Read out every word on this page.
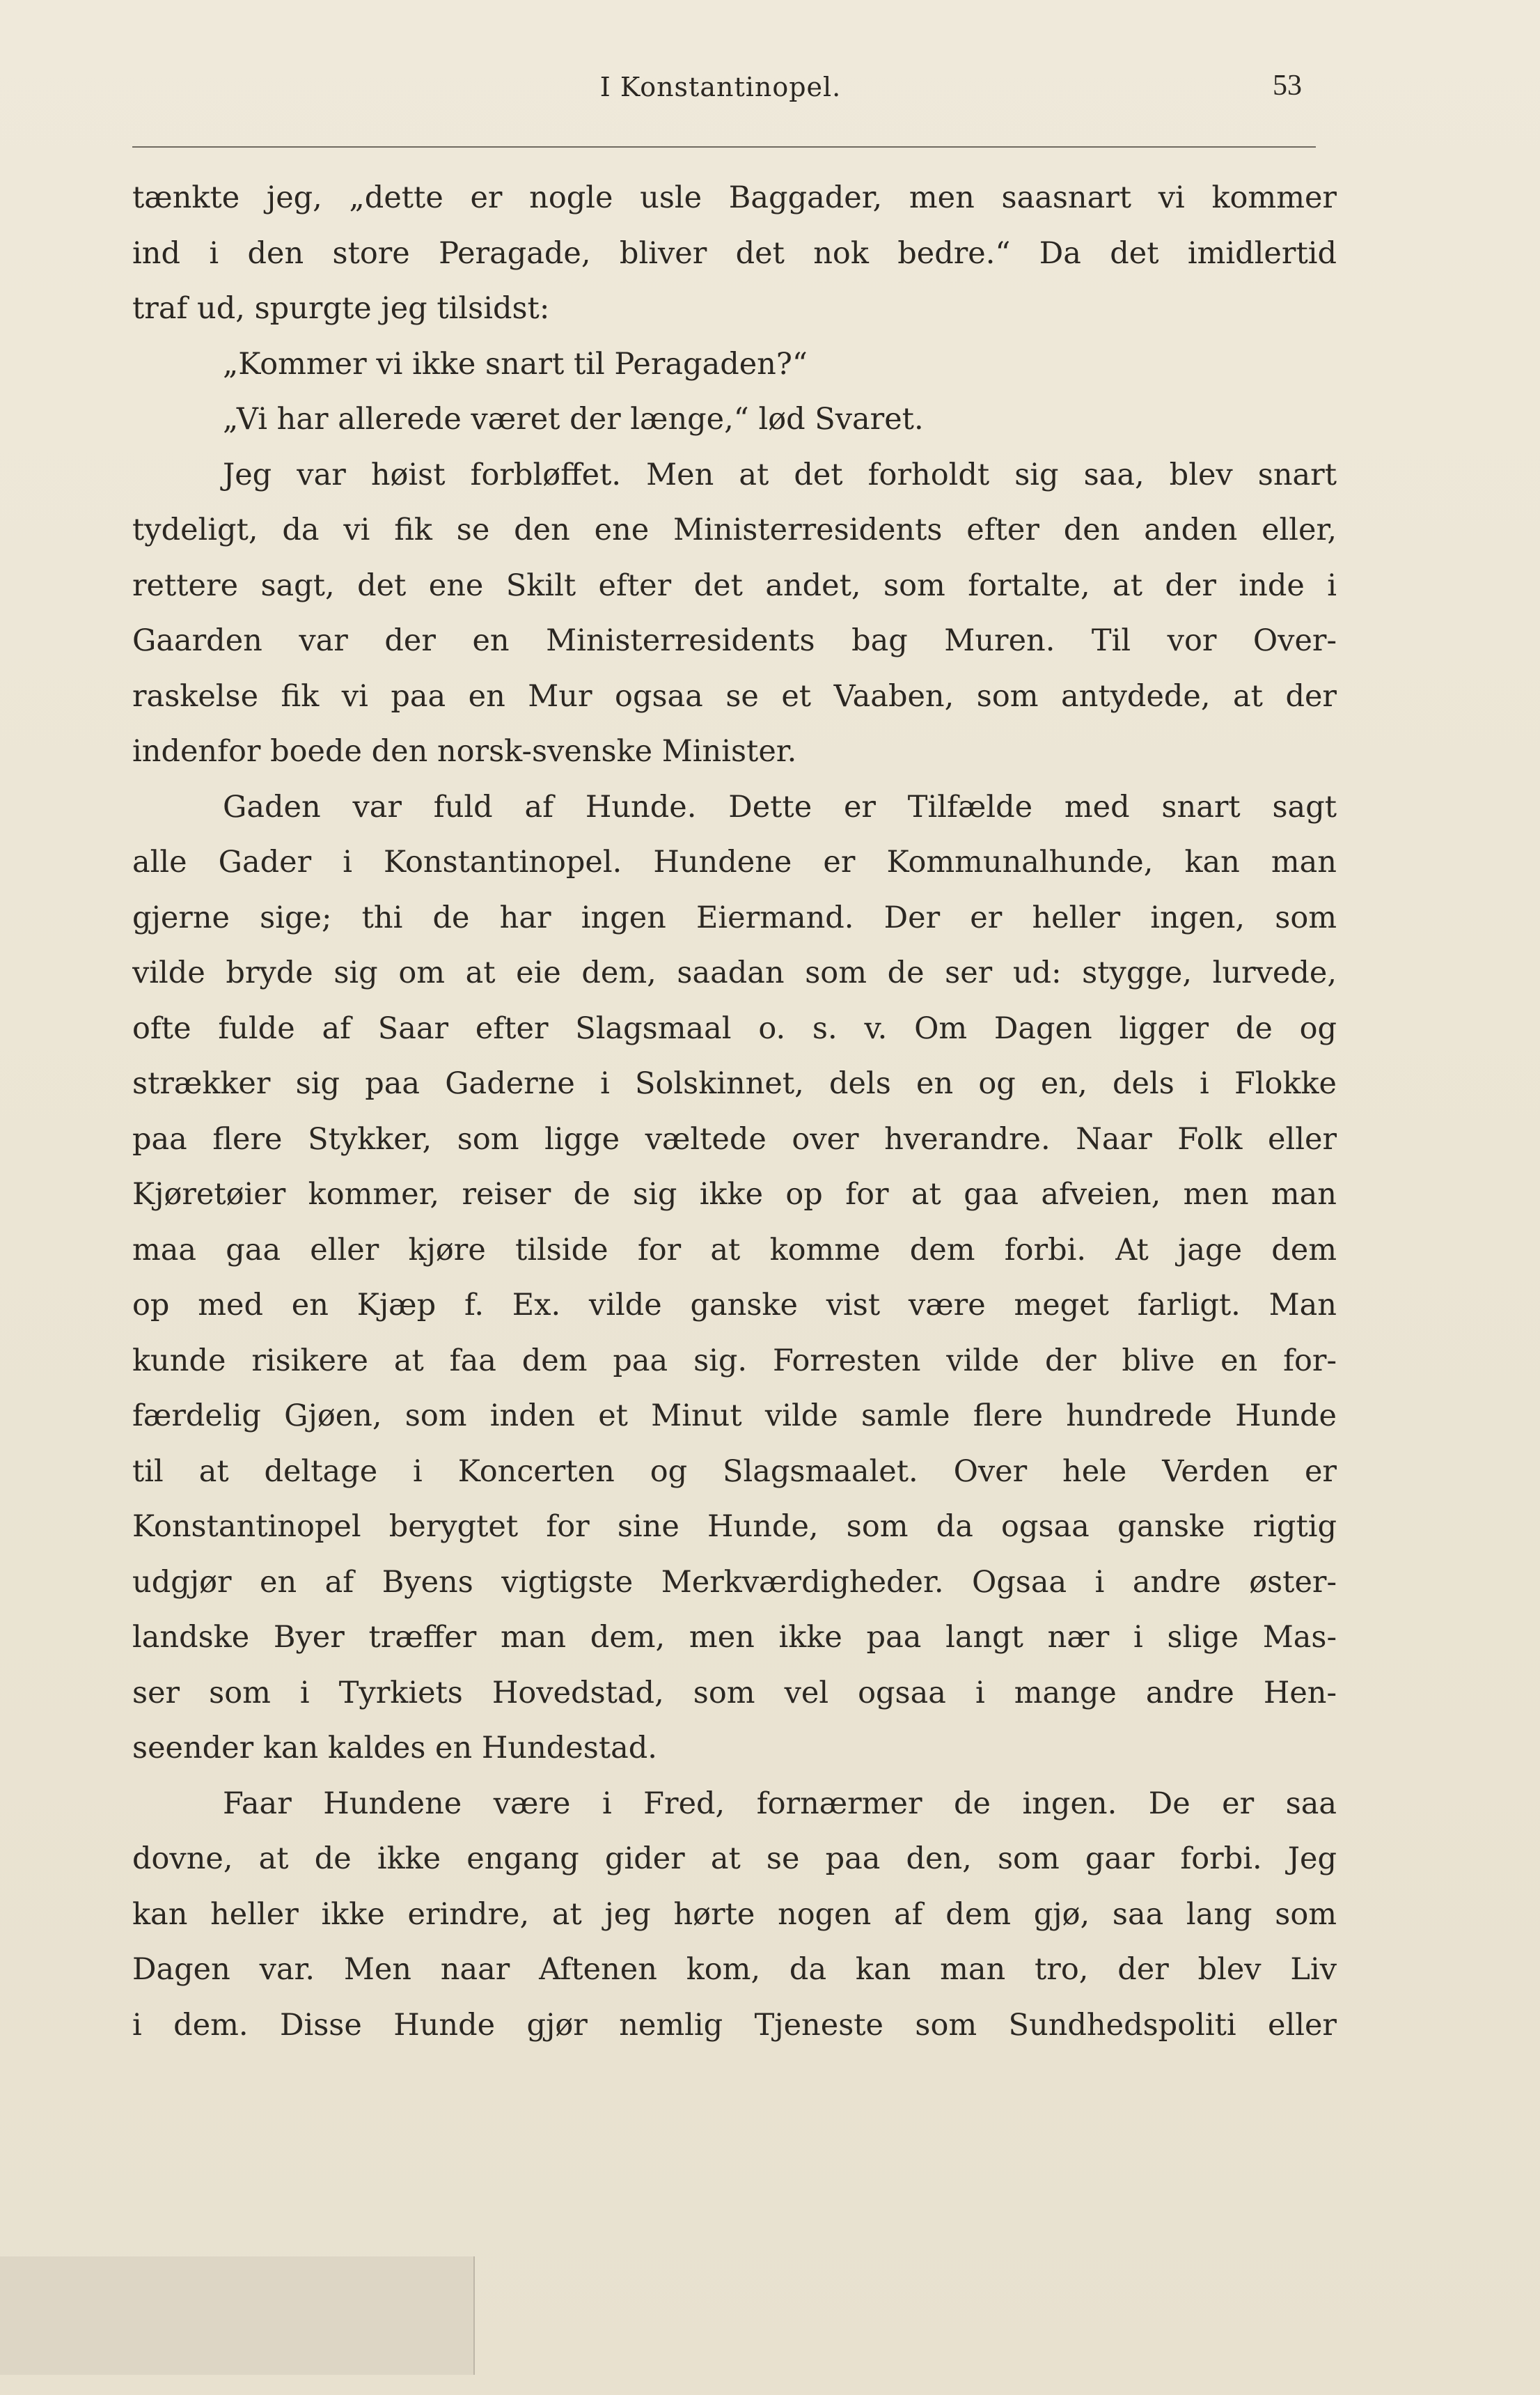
I Konstantinopel.	53
tænkte jeg, „dette er nogle usle Baggader, men saasnart vi kommer
ind i den store Peragade, bliver det nok bedre.“ Da det imidlertid
traf ud, spurgte jeg tilsidst:
„Kommer vi ikke snart til Peragaden?“
„Vi har allerede været der længe,“ lød Svaret.
Jeg var høist forbløffet. Men at det forholdt sig saa, blev snart
tydeligt, da vi fik se den ene Ministerresidents efter den anden eller,
rettere sagt, det ene Skilt efter det andet, som fortalte, at der inde i
Gaarden var der en Ministerresidents bag Muren. Til vor Over-
raskelse fik vi paa en Mur ogsaa se et Vaaben, som antydede, at der
indenfor boede den norsk-svenske Minister.
Gaden var fuld af Hunde. Dette er Tilfælde med snart sagt
alle Gader i Konstantinopel. Hundene er Kommunalhunde, kan man
gjerne sige; thi de har ingen Eiermand. Der er heller ingen, som
vilde bryde sig om at eie dem, saadan som de ser ud: stygge, lurvede,
ofte fulde af Saar efter Slagsmaal o. s. v. Om Dagen ligger de og
strækker sig paa Gaderne i Solskinnet, dels en og en, dels i Flokke
paa flere Stykker, som ligge væltede over hverandre. Naar Folk eller
Kjøretøier kommer, reiser de sig ikke op for at gaa afveien, men man
maa gaa eller kjøre tilside for at komme dem forbi. At jage dem
op med en Kjæp f. Ex. vilde ganske vist være meget farligt. Man
kunde risikere at faa dem paa sig. Forresten vilde der blive en for-
færdelig Gjøen, som inden et Minut vilde samle flere hundrede Hunde
til at deltage i Koncerten og Slagsmaalet. Over hele Verden er
Konstantinopel berygtet for sine Hunde, som da ogsaa ganske rigtig
udgjør en af Byens vigtigste Merkværdigheder. Ogsaa i andre øster-
landske Byer træffer man dem, men ikke paa langt nær i slige Mas-
ser som i Tyrkiets Hovedstad, som vel ogsaa i mange andre Hen-
seender kan kaldes en Hundestad.
Faar Hundene være i Fred, fornærmer de ingen. De er saa
dovne, at de ikke engang gider at se paa den, som gaar forbi. Jeg
kan heller ikke erindre, at jeg hørte nogen af dem gjø, saa lang som
Dagen var. Men naar Aftenen kom, da kan man tro, der blev Liv
i dem. Disse Hunde gjør nemlig Tjeneste som Sundhedspoliti eller
